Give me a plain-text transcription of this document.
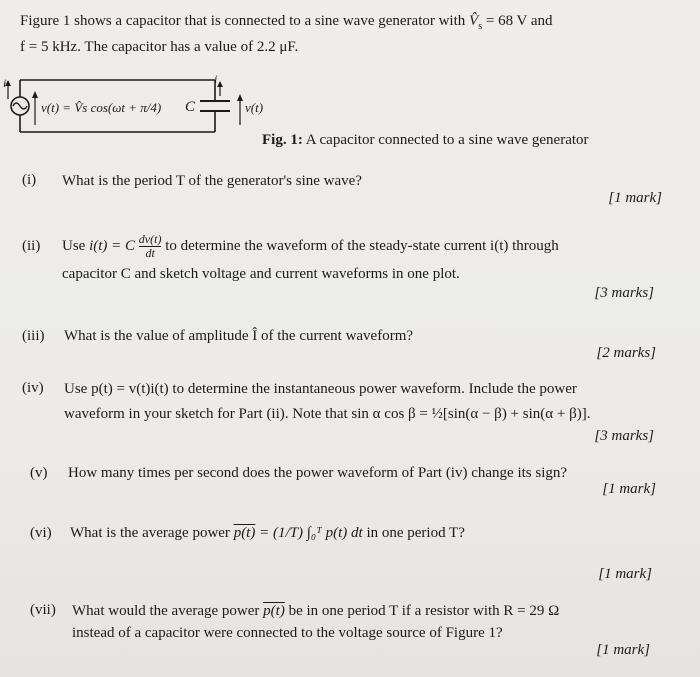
Figure 1 shows a capacitor that is connected to a sine wave generator with $V̂_s = 68$ V and
f = 5 kHz. The capacitor has a value of 2.2 μF.
i	i
v(t) = V̂s cos(ωt + π/4) C	v(t)
Fig. 1: A capacitor connected to a sine wave generator
(i) What is the period T of the generator's sine wave?
[1 mark]
(ii) Use i(t) = C $\frac{dv(t)}{dt}$ to determine the waveform of the steady-state current i(t) through
capacitor C and sketch voltage and current waveforms in one plot.
[3 marks]
(iii) What is the value of amplitude Î of the current waveform?
[2 marks]
(iv) Use p(t) = v(t)i(t) to determine the instantaneous power waveform. Include the power
waveform in your sketch for Part (ii). Note that sin α cos β = ½[sin(α − β) + sin(α + β)].
[3 marks]
(v) How many times per second does the power waveform of Part (iv) change its sign?
[1 mark]
(vi) What is the average power p(t) = (1/T) ∫₀ᵀ p(t) dt in one period T?
[1 mark]
(vii) What would the average power p(t) be in one period T if a resistor with R = 29 Ω
instead of a capacitor were connected to the voltage source of Figure 1?
[1 mark]
